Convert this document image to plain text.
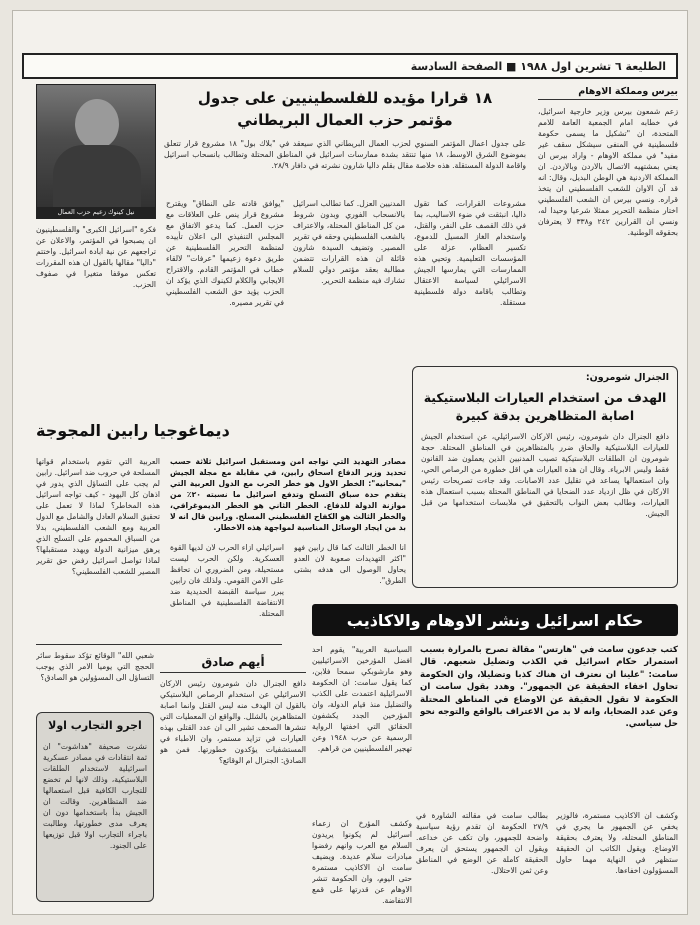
الطليعة ٦ تشرين اول ١٩٨٨ ■ الصفحة السادسة
١٨ قرارا مؤيده للفلسطينيين على جدول
مؤتمر حزب العمال البريطاني
على جدول اعمال المؤتمر السنوي لحزب العمال البريطاني الذي سيعقد في "بلاك بول" ١٨ مشروع قرار تتعلق بموضوع الشرق الاوسط، ١٨ منها تنتقد بشدة ممارسات اسرائيل في المناطق المحتلة وتطالب بانسحاب اسرائيل واقامة الدولة المستقلة. هذه خلاصة مقال بقلم داليا شارون نشرته في دافار ٢٨/٩.
مشروعات القرارات، كما تقول داليا، انبثقت في ضوء الاساليب، بما في ذلك القصف على النفر، والقتل، واستخدام الغاز المسيل للدموع، تكسير العظام، عزلة على المؤسسات التعليمية. وتحيي هذه الممارسات التي يمارسها الجيش الاسرائيلي لسياسة الاعتقال وتطالب باقامة دولة فلسطينية مستقلة.
المدنيين العزل. كما تطالب اسرائيل بالانسحاب الفوري وبدون شروط من كل المناطق المحتلة، والاعتراف بالشعب الفلسطيني وحقه في تقرير المصير. وتضيف السيدة شارون قائلة ان هذه القرارات تتضمن مطالبة بعقد مؤتمر دولي للسلام تشارك فيه منظمة التحرير.
"يوافق قادته على النطاق" ويقترح مشروع قرار ينص على العلاقات مع حزب العمل. كما يدعو الاتفاق مع المجلس التنفيذي الى اعلان تأييده لمنظمة التحرير الفلسطينية عن طريق دعوة زعيمها "عرفات" لالقاء خطاب في المؤتمر القادم. والاقتراح الايجابي والكلام لكينوك الذي يؤكد ان الحزب يؤيد حق الشعب الفلسطيني في تقرير مصيره.
نيل كينوك زعيم حزب العمال
فكرة "اسرائيل الكبرى" والفلسطينيون ان يصبحوا في المؤتمر، والاعلان عن تراجعهم عن نية ابادة اسرائيل. واختتم "داليا" مقالها بالقول ان هذه المقررات تعكس موقفا متغيرا في صفوف الحزب.
بيرس ومملكة الاوهام
زعم شمعون بيرس وزير خارجية اسرائيل، في خطابه امام الجمعية العامة للامم المتحدة، ان "تشكيل ما يسمى حكومة فلسطينية في المنفى سيشكل سقف غير مفيد" في مملكة الاوهام - واراد بيرس ان يعني بمشتهيه الاتصال بالاردن وبالاردن. ان المملكة الاردنية هي الوطن البديل، وقال: انه قد آن الاوان للشعب الفلسطيني ان يتخذ قراره. ونسي بيرس ان الشعب الفلسطيني اختار منظمة التحرير ممثلا شرعيا وحيدا له، ونسي ان القرارين ٢٤٢ و٣٣٨ لا يعترفان بحقوقه الوطنية.
الجنرال شومرون:
الهدف من استخدام العيارات البلاستيكية
اصابة المتظاهرين بدقة كبيرة
دافع الجنرال دان شومرون، رئيس الاركان الاسرائيلي، عن استخدام الجيش للعيارات البلاستيكية والحاق ضرر بالمتظاهرين في المناطق المحتلة. حجة شومرون ان الطلقات البلاستيكية تصيب المدنيين الذين يعملون ضد القانون فقط وليس الابرياء. وقال ان هذه العيارات هي اقل خطورة من الرصاص الحي، وان استعمالها يساعد في تقليل عدد الاصابات. وقد جاءت تصريحات رئيس الاركان في ظل ازدياد عدد الضحايا في المناطق المحتلة بسبب استعمال هذه العيارات، وطالب بعض النواب بالتحقيق في ملابسات استخدامها من قبل الجيش.
ديماغوجيا رابين المجوجة
مصادر التهديد التي تواجه امن ومستقبل اسرائيل ثلاثة حسب تحديد وزير الدفاع اسحاق رابين، في مقابلة مع مجلة الجيش "بمحانيه": الخطر الاول هو خطر الحرب مع الدول العربية التي يتقدم حدة سباق التسلح وتدفع اسرائيل ما نسبته ٢٠٪ من موازنة الدولة للدفاع. الخطر الثاني هو الخطر الديموغرافي، والخطر الثالث هو الكفاح الفلسطيني المسلح. ورابين قال انه لا بد من ايجاد الوسائل المناسبة لمواجهة هذه الاخطار.
انا الخطر الثالث كما قال رابين فهو "اكثر التهديدات صعوبة لان العدو يحاول الوصول الى هدفه بشتى الطرق".
اسرائيلي ازاء الحرب لان لديها القوة العسكرية. ولكن الحرب ليست مستحيلة، ومن الضروري ان تحافظ على الامن القومي. ولذلك فان رابين يبرر سياسة القبضة الحديدية ضد الانتفاضة الفلسطينية في المناطق المحتلة.
العربية التي تقوم باستخدام قواتها المسلحة في حروب ضد اسرائيل. رابين لم يجب على التساؤل الذي يدور في اذهان كل اليهود - كيف تواجه اسرائيل هذه المخاطر؟ لماذا لا تعمل على تحقيق السلام العادل والشامل مع الدول العربية ومع الشعب الفلسطيني، بدلا من السباق المحموم على التسلح الذي يرهق ميزانية الدولة ويهدد مستقبلها؟ لماذا تواصل اسرائيل رفض حق تقرير المصير للشعب الفلسطيني؟
حكام اسرائيل ونشر الاوهام والاكاذيب
كتب جدعون سامت في "هارتس" مقالة تصرح بالمرارة بسبب استمرار حكام اسرائيل في الكذب وتضليل شعبهم. قال سامت: "علينا ان نعترف ان هناك كذبا وتضليلا، وان الحكومة تحاول اخفاء الحقيقة عن الجمهور". وهدد بقول سامت ان الحكومة لا تقول الحقيقة عن الاوضاع في المناطق المحتلة وعن عدد الضحايا، وانه لا بد من الاعتراف بالواقع والتوجه نحو حل سياسي.
السياسية العربية" يقوم احد افضل المؤرخين الاسرائيليين وهو مارشوبكي سمحا فلابن، كما يقول سامت: ان الحكومة الاسرائيلية اعتمدت على الكذب والتضليل منذ قيام الدولة، وان المؤرخين الجدد يكشفون الحقائق التي اخفتها الرواية الرسمية عن حرب ١٩٤٨ وعن تهجير الفلسطينيين من قراهم.
وكشف المؤرخ ان زعماء اسرائيل لم يكونوا يريدون السلام مع العرب وانهم رفضوا مبادرات سلام عديدة. ويضيف سامت ان الاكاذيب مستمرة حتى اليوم، وان الحكومة تنشر الاوهام عن قدرتها على قمع الانتفاضة.
بطالب سامت في مقالته الشاورة في ٢٧/٩ الحكومة ان تقدم رؤية سياسية واضحة للجمهور، وان تكف عن خداعه. ويقول ان الجمهور يستحق ان يعرف الحقيقة كاملة عن الوضع في المناطق وعن ثمن الاحتلال.
وكشف ان الاكاذيب مستمرة، فالوزير يخفي عن الجمهور ما يجري في المناطق المحتلة، ولا يعترف بحقيقة الاوضاع. ويقول الكاتب ان الحقيقة ستظهر في النهاية مهما حاول المسؤولون اخفاءها.
شعبي الله" الوقائع تؤكد سقوط سائر الحجج التي يوميا الامر الذي يوجب التساؤل الى المسؤولين هو الصادق؟
أيهم صادق
دافع الجنرال دان شومرون رئيس الاركان الاسرائيلي عن استخدام الرصاص البلاستيكي بالقول ان الهدف منه ليس القتل وانما اصابة المتظاهرين بالشلل. والواقع ان المعطيات التي تنشرها الصحف تشير الى ان عدد القتلى بهذه العيارات في تزايد مستمر، وان الاطباء في المستشفيات يؤكدون خطورتها. فمن هو الصادق: الجنرال ام الوقائع؟
اجرو التجارب اولا
نشرت صحيفة "هداشوت" ان ثمة انتقادات في مصادر عسكرية اسرائيلية لاستخدام الطلقات البلاستيكية، وذلك لانها لم تخضع للتجارب الكافية قبل استعمالها ضد المتظاهرين. وقالت ان الجيش بدأ باستخدامها دون ان يعرف مدى خطورتها، وطالبت باجراء التجارب اولا قبل توزيعها على الجنود.
